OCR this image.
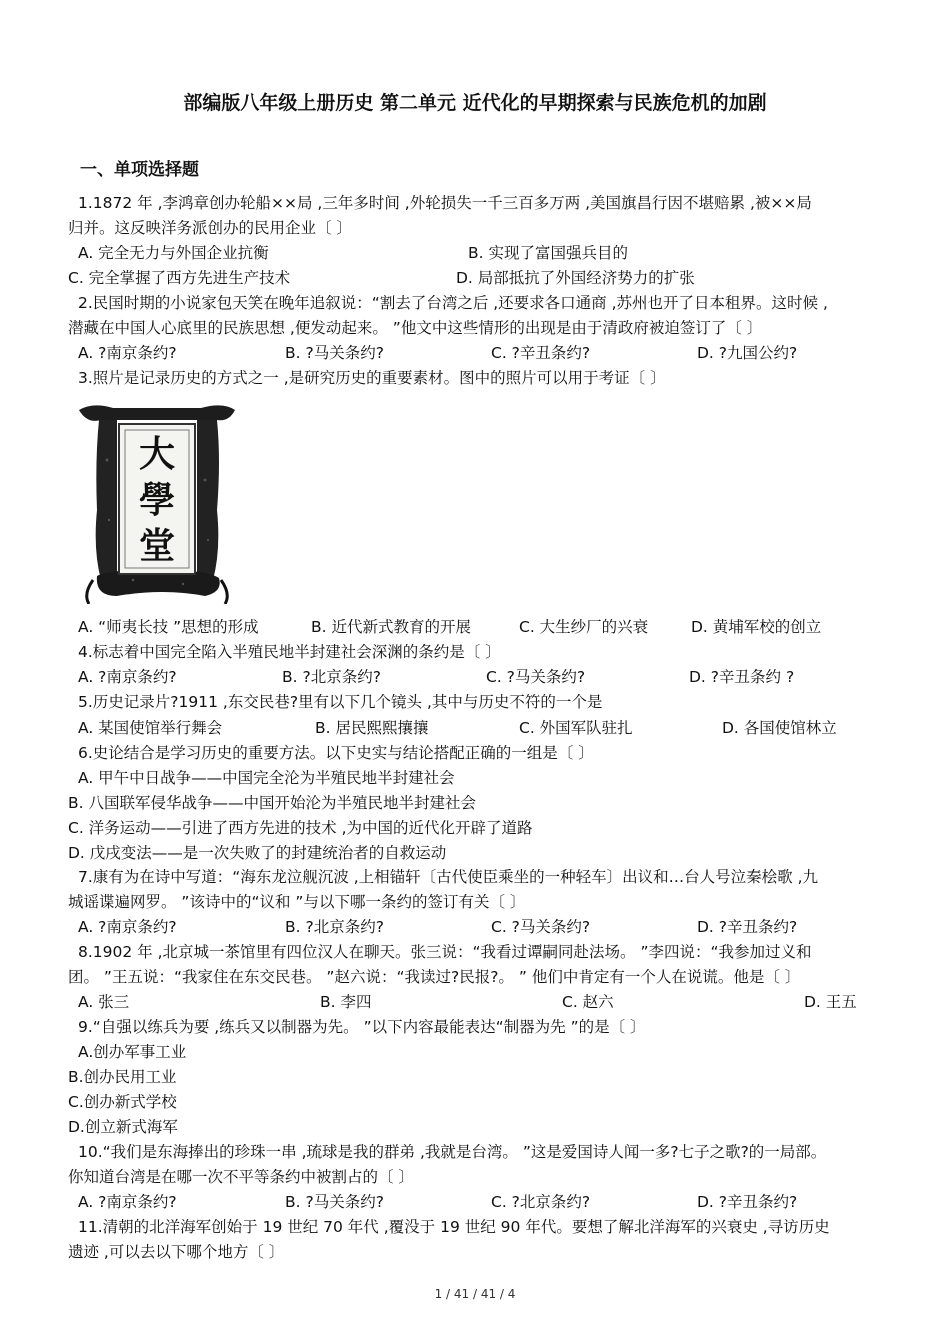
部编版八年级上册历史 第二单元 近代化的早期探索与民族危机的加剧
一、单项选择题
1.1872 年 ,李鸿章创办轮船××局 ,三年多时间 ,外轮损失一千三百多万两 ,美国旗昌行因不堪赔累 ,被××局
归并。这反映洋务派创办的民用企业〔 〕
A. 完全无力与外国企业抗衡	B. 实现了富国强兵目的
C. 完全掌握了西方先进生产技术	D. 局部抵抗了外国经济势力的扩张
2.民国时期的小说家包天笑在晚年追叙说：“割去了台湾之后 ,还要求各口通商 ,苏州也开了日本租界。这时候 ,
潜藏在中国人心底里的民族思想 ,便发动起来。 ”他文中这些情形的出现是由于清政府被迫签订了〔 〕
A. ?南京条约?	B. ?马关条约?	C. ?辛丑条约?	D. ?九国公约?
3.照片是记录历史的方式之一 ,是研究历史的重要素材。图中的照片可以用于考证〔 〕
大
學
堂
A. “师夷长技 ”思想的形成	B. 近代新式教育的开展	C. 大生纱厂的兴衰	D. 黄埔军校的创立
4.标志着中国完全陷入半殖民地半封建社会深渊的条约是〔 〕
A. ?南京条约?	B. ?北京条约?	C. ?马关条约?	D. ?辛丑条约 ?
5.历史记录片?1911 ,东交民巷?里有以下几个镜头 ,其中与历史不符的一个是
A. 某国使馆举行舞会	B. 居民熙熙攘攘	C. 外国军队驻扎	D. 各国使馆林立
6.史论结合是学习历史的重要方法。以下史实与结论搭配正确的一组是〔 〕
A. 甲午中日战争——中国完全沦为半殖民地半封建社会
B. 八国联军侵华战争——中国开始沦为半殖民地半封建社会
C. 洋务运动——引进了西方先进的技术 ,为中国的近代化开辟了道路
D. 戊戌变法——是一次失败了的封建统治者的自救运动
7.康有为在诗中写道：“海东龙泣舰沉波 ,上相锚轩〔古代使臣乘坐的一种轻车〕出议和…台人号泣秦桧歌 ,九
城谣谍遍网罗。 ”该诗中的“议和 ”与以下哪一条约的签订有关〔 〕
A. ?南京条约?	B. ?北京条约?	C. ?马关条约?	D. ?辛丑条约?
8.1902 年 ,北京城一茶馆里有四位汉人在聊天。张三说：“我看过谭嗣同赴法场。 ”李四说：“我参加过义和
团。 ”王五说：“我家住在东交民巷。 ”赵六说：“我读过?民报?。 ” 他们中肯定有一个人在说谎。他是〔 〕
A. 张三	B. 李四	C. 赵六	D. 王五
9.“自强以练兵为要 ,练兵又以制器为先。 ”以下内容最能表达“制器为先 ”的是〔 〕
A.创办军事工业
B.创办民用工业
C.创办新式学校
D.创立新式海军
10.“我们是东海捧出的珍珠一串 ,琉球是我的群弟 ,我就是台湾。 ”这是爱国诗人闻一多?七子之歌?的一局部。
你知道台湾是在哪一次不平等条约中被割占的〔 〕
A. ?南京条约?	B. ?马关条约?	C. ?北京条约?	D. ?辛丑条约?
11.清朝的北洋海军创始于 19 世纪 70 年代 ,覆没于 19 世纪 90 年代。要想了解北洋海军的兴衰史 ,寻访历史
遗迹 ,可以去以下哪个地方〔 〕
1 / 41 / 41 / 4
